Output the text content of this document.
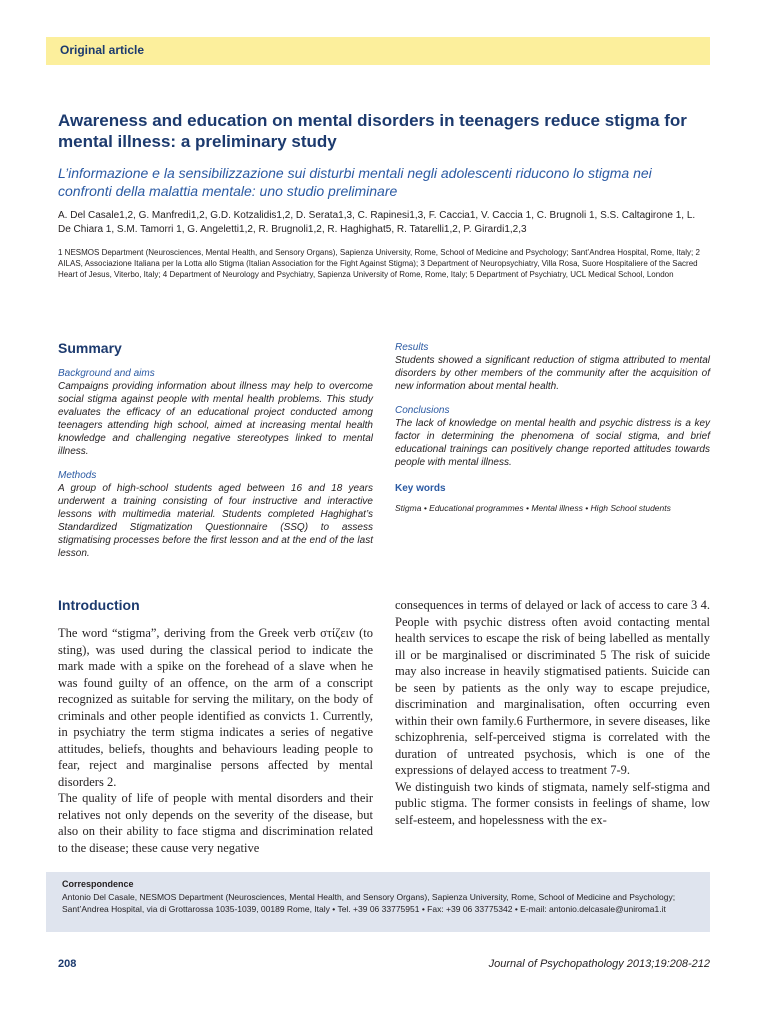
Original article
Awareness and education on mental disorders in teenagers reduce stigma for mental illness: a preliminary study

L’informazione e la sensibilizzazione sui disturbi mentali negli adolescenti riducono lo stigma nei confronti della malattia mentale: uno studio preliminare

A. Del Casale1,2, G. Manfredi1,2, G.D. Kotzalidis1,2, D. Serata1,3, C. Rapinesi1,3, F. Caccia1, V. Caccia 1, C. Brugnoli 1, S.S. Caltagirone 1, L. De Chiara 1, S.M. Tamorri 1, G. Angeletti1,2, R. Brugnoli1,2, R. Haghighat5, R. Tatarelli1,2, P. Girardi1,2,3

1 NESMOS Department (Neurosciences, Mental Health, and Sensory Organs), Sapienza University, Rome, School of Medicine and Psychology; Sant’Andrea Hospital, Rome, Italy; 2 AILAS, Associazione Italiana per la Lotta allo Stigma (Italian Association for the Fight Against Stigma); 3 Department of Neuropsychiatry, Villa Rosa, Suore Hospitaliere of the Sacred Heart of Jesus, Viterbo, Italy; 4 Department of Neurology and Psychiatry, Sapienza University of Rome, Rome, Italy; 5 Department of Psychiatry, UCL Medical School, London

Summary

Background and aims

Campaigns providing information about illness may help to overcome social stigma against people with mental health problems. This study evaluates the efficacy of an educational project conducted among teenagers attending high school, aimed at increasing mental health knowledge and challenging negative stereotypes linked to mental illness.

Methods

A group of high-school students aged between 16 and 18 years underwent a training consisting of four instructive and interactive lessons with multimedia material. Students completed Haghighat’s Standardized Stigmatization Questionnaire (SSQ) to assess stigmatising processes before the first lesson and at the end of the last lesson.

Results

Students showed a significant reduction of stigma attributed to mental disorders by other members of the community after the acquisition of new information about mental health.

Conclusions

The lack of knowledge on mental health and psychic distress is a key factor in determining the phenomena of social stigma, and brief educational trainings can positively change reported attitudes towards people with mental illness.

Key words

Stigma • Educational programmes • Mental illness • High School students

Introduction

The word “stigma”, deriving from the Greek verb στίζειν (to sting), was used during the classical period to indicate the mark made with a spike on the forehead of a slave when he was found guilty of an offence, on the arm of a conscript recognized as suitable for serving the military, on the body of criminals and other people identified as convicts 1. Currently, in psychiatry the term stigma indicates a series of negative attitudes, beliefs, thoughts and behaviours leading people to fear, reject and marginalise persons affected by mental disorders 2.

The quality of life of people with mental disorders and their relatives not only depends on the severity of the disease, but also on their ability to face stigma and discrimination related to the disease; these cause very negative

consequences in terms of delayed or lack of access to care 3 4. People with psychic distress often avoid contacting mental health services to escape the risk of being labelled as mentally ill or be marginalised or discriminated 5 The risk of suicide may also increase in heavily stigmatised patients. Suicide can be seen by patients as the only way to escape prejudice, discrimination and marginalisation, often occurring even within their own family.6 Furthermore, in severe diseases, like schizophrenia, self-perceived stigma is correlated with the duration of untreated psychosis, which is one of the expressions of delayed access to treatment 7-9.

We distinguish two kinds of stigmata, namely self-stigma and public stigma. The former consists in feelings of shame, low self-esteem, and hopelessness with the ex-

Correspondence

Antonio Del Casale, NESMOS Department (Neurosciences, Mental Health, and Sensory Organs), Sapienza University, Rome, School of Medicine and Psychology; Sant’Andrea Hospital, via di Grottarossa 1035-1039, 00189 Rome, Italy • Tel. +39 06 33775951 • Fax: +39 06 33775342 • E-mail: antonio.delcasale@uniroma1.it

208	Journal of Psychopathology 2013;19:208-212
